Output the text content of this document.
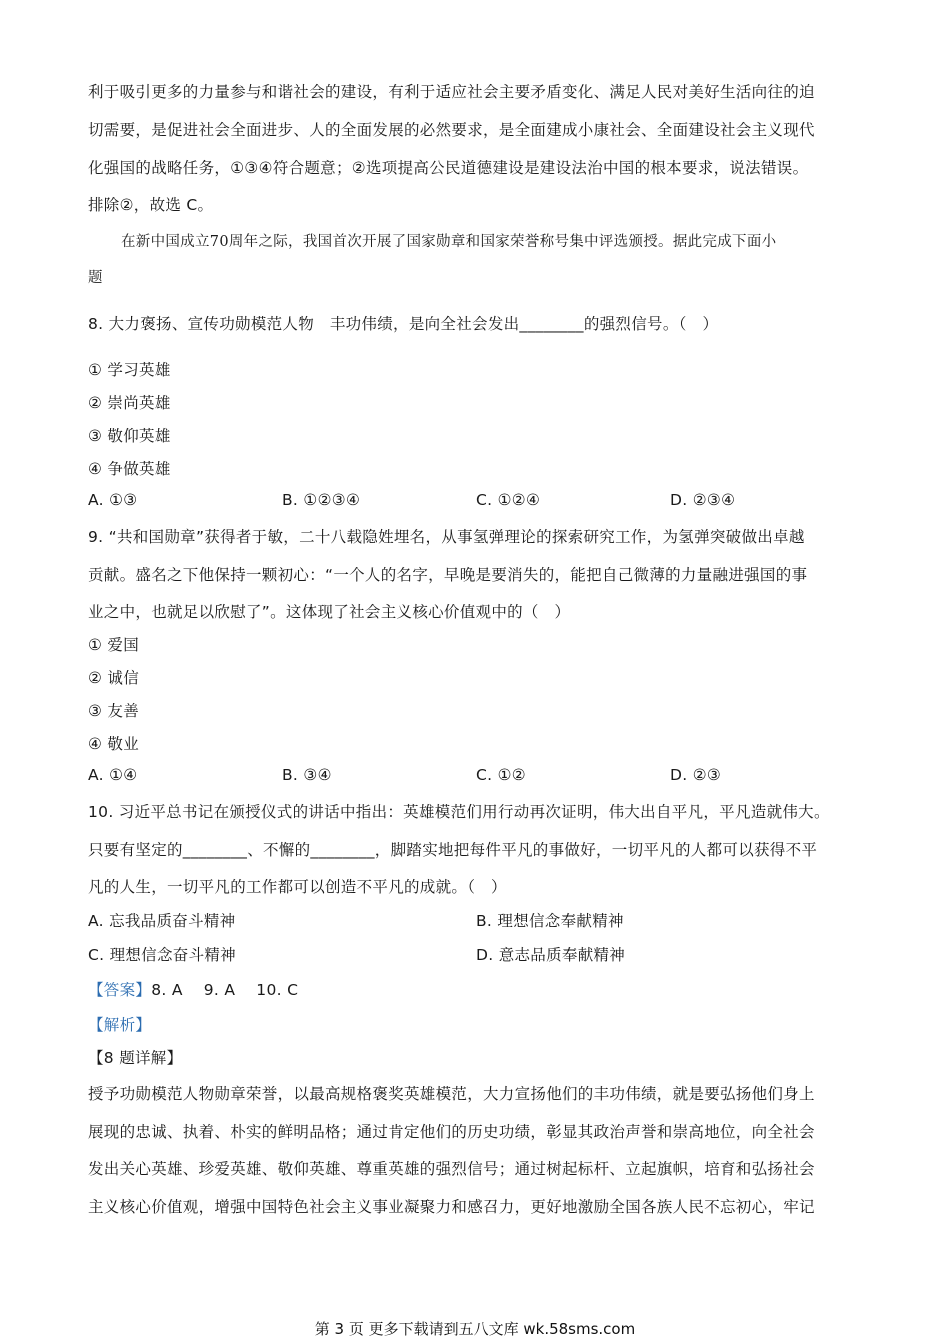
利于吸引更多的力量参与和谐社会的建设，有利于适应社会主要矛盾变化、满足人民对美好生活向往的迫
切需要，是促进社会全面进步、人的全面发展的必然要求，是全面建成小康社会、全面建设社会主义现代
化强国的战略任务，①③④符合题意；②选项提高公民道德建设是建设法治中国的根本要求，说法错误。
排除②，故选 C。
在新中国成立70周年之际，我国首次开展了国家勋章和国家荣誉称号集中评选颁授。据此完成下面小
题
8. 大力褒扬、宣传功勋模范人物　丰功伟绩，是向全社会发出________的强烈信号。（　）
① 学习英雄
② 崇尚英雄
③ 敬仰英雄
④ 争做英雄
A. ①③	B. ①②③④	C. ①②④	D. ②③④
9. “共和国勋章”获得者于敏，二十八载隐姓埋名，从事氢弹理论的探索研究工作，为氢弹突破做出卓越
贡献。盛名之下他保持一颗初心：“一个人的名字，早晚是要消失的，能把自己微薄的力量融进强国的事
业之中，也就足以欣慰了”。这体现了社会主义核心价值观中的（　）
① 爱国
② 诚信
③ 友善
④ 敬业
A. ①④	B. ③④	C. ①②	D. ②③
10. 习近平总书记在颁授仪式的讲话中指出：英雄模范们用行动再次证明，伟大出自平凡，平凡造就伟大。
只要有坚定的________、不懈的________，脚踏实地把每件平凡的事做好，一切平凡的人都可以获得不平
凡的人生，一切平凡的工作都可以创造不平凡的成就。（　）
A. 忘我品质奋斗精神	B. 理想信念奉献精神
C. 理想信念奋斗精神	D. 意志品质奉献精神
【答案】8. A　 9. A　 10. C
【解析】
【8 题详解】
授予功勋模范人物勋章荣誉，以最高规格褒奖英雄模范，大力宣扬他们的丰功伟绩，就是要弘扬他们身上
展现的忠诚、执着、朴实的鲜明品格；通过肯定他们的历史功绩，彰显其政治声誉和崇高地位，向全社会
发出关心英雄、珍爱英雄、敬仰英雄、尊重英雄的强烈信号；通过树起标杆、立起旗帜，培育和弘扬社会
主义核心价值观，增强中国特色社会主义事业凝聚力和感召力，更好地激励全国各族人民不忘初心，牢记
第 3 页 更多下载请到五八文库 wk.58sms.com
